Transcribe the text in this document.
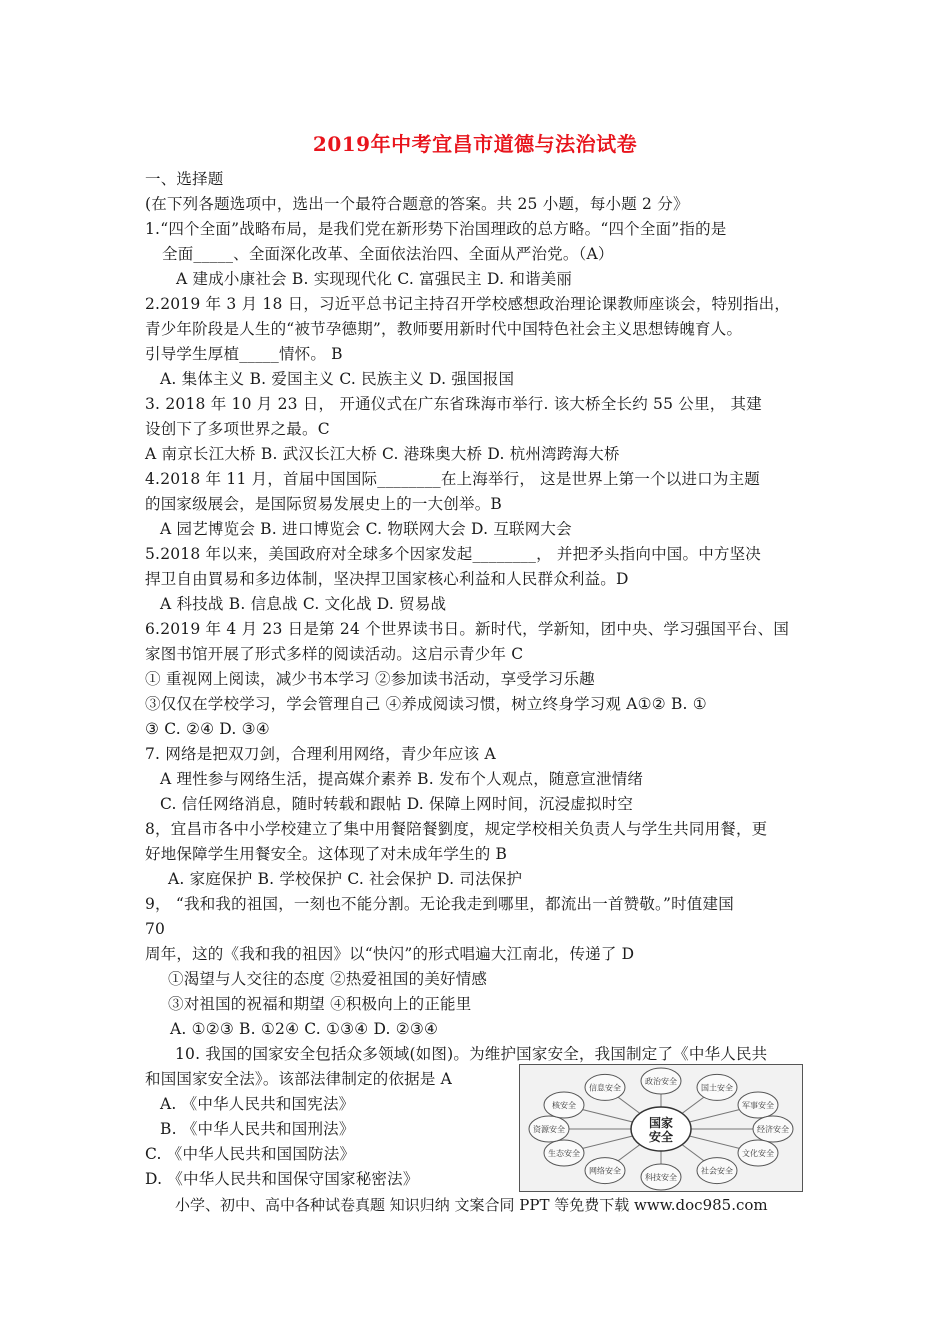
2019年中考宜昌市道德与法治试卷
一、选择题
(在下列各题选项中，选出一个最符合题意的答案。共 25 小题，每小题 2 分》
1.“四个全面”战略布局，是我们党在新形势下治国理政的总方略。“四个全面”指的是
全面_____、全面深化改革、全面依法治四、全面从严治党。（A）
A 建成小康社会 B. 实现现代化 C. 富强民主 D. 和谐美丽
2.2019 年 3 月 18 日，习近平总书记主持召开学校感想政治理论课教师座谈会，特别指出，
青少年阶段是人生的“被节孕德期”，教师要用新时代中国特色社会主义思想铸魄育人。
引导学生厚植_____情怀。 B
A. 集体主义 B. 爱国主义 C. 民族主义 D. 强国报国
3. 2018 年 10 月 23 日， 开通仪式在广东省珠海市举行. 该大桥全长约 55 公里， 其建
设创下了多项世界之最。C
A 南京长江大桥 B. 武汉长江大桥 C. 港珠奥大桥 D. 杭州湾跨海大桥
4.2018 年 11 月，首届中国国际________在上海举行， 这是世界上第一个以进口为主题
的国家级展会，是国际贸易发展史上的一大创举。B
A 园艺博览会 B. 进口博览会 C. 物联网大会 D. 互联网大会
5.2018 年以来，美国政府对全球多个因家发起________， 并把矛头指向中国。中方坚决
捍卫自由買易和多边体制，坚决捍卫国家核心利益和人民群众利益。D
A 科技战 B. 信息战 C. 文化战 D. 贸易战
6.2019 年 4 月 23 日是第 24 个世界读书日。新时代，学新知，团中央、学习强国平台、国
家图书馆开展了形式多样的阅读活动。这启示青少年 C
① 重视网上阅读，减少书本学习 ②参加读书活动，享受学习乐趣
③仅仅在学校学习，学会管理自己 ④养成阅读习惯，树立终身学习观 A①② B. ①
③ C. ②④ D. ③④
7. 网络是把双刀剑，合理利用网络，青少年应该 A
A 理性参与网络生活，提高媒介素养 B. 发布个人观点，随意宣泄情绪
C. 信任网络消息，随时转载和跟帖 D. 保障上网时间，沉浸虚拟时空
8，宜昌市各中小学校建立了集中用餐陪餐劉度，规定学校相关负责人与学生共同用餐，更
好地保障学生用餐安全。这体现了对未成年学生的 B
A. 家庭保护 B. 学校保护 C. 社会保护 D. 司法保护
9， “我和我的祖国，一刻也不能分割。无论我走到哪里，都流出一首赞敬。”时值建国
70
周年，这的《我和我的祖因》以“快闪”的形式唱遍大江南北，传递了 D
①渴望与人交往的态度 ②热爱祖国的美好情感
③对祖国的祝福和期望 ④积极向上的正能里
A. ①②③ B. ①2④ C. ①③④ D. ②③④
10. 我国的国家安全包括众多领域(如图)。为维护国家安全，我国制定了《中华人民共
和国国家安全法》。该部法律制定的依据是 A
A. 《中华人民共和国宪法》
B. 《中华人民共和国刑法》
C. 《中华人民共和国国防法》
D. 《中华人民共和国保守国家秘密法》
政治安全
国土安全
军事安全
经济安全
文化安全
社会安全
科技安全
网络安全
生态安全
资源安全
核安全
信息安全
国家
安全
小学、初中、高中各种试卷真题 知识归纳 文案合同 PPT 等免费下载 www.doc985.com
